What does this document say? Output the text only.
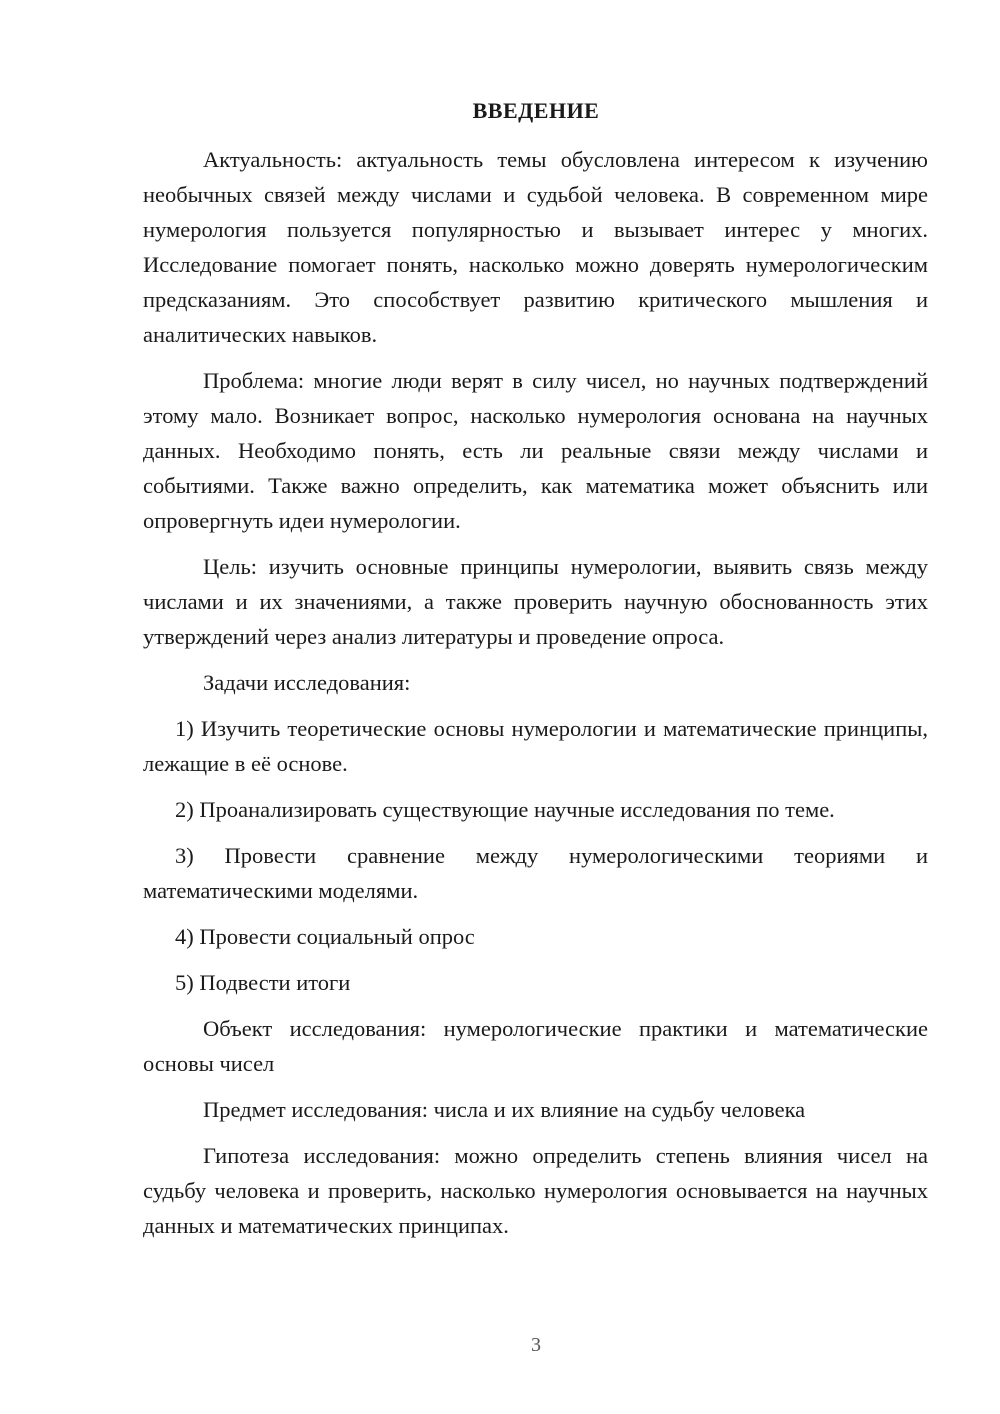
ВВЕДЕНИЕ

Актуальность: актуальность темы обусловлена интересом к изучению необычных связей между числами и судьбой человека. В современном мире нумерология пользуется популярностью и вызывает интерес у многих. Исследование помогает понять, насколько можно доверять нумерологическим предсказаниям. Это способствует развитию критического мышления и аналитических навыков.

Проблема: многие люди верят в силу чисел, но научных подтверждений этому мало. Возникает вопрос, насколько нумерология основана на научных данных. Необходимо понять, есть ли реальные связи между числами и событиями. Также важно определить, как математика может объяснить или опровергнуть идеи нумерологии.

Цель: изучить основные принципы нумерологии, выявить связь между числами и их значениями, а также проверить научную обоснованность этих утверждений через анализ литературы и проведение опроса.

Задачи исследования:

1) Изучить теоретические основы нумерологии и математические принципы, лежащие в её основе.

2) Проанализировать существующие научные исследования по теме.

3) Провести сравнение между нумерологическими теориями и математическими моделями.

4) Провести социальный опрос

5) Подвести итоги

Объект исследования: нумерологические практики и математические основы чисел

Предмет исследования: числа и их влияние на судьбу человека

Гипотеза исследования: можно определить степень влияния чисел на судьбу человека и проверить, насколько нумерология основывается на научных данных и математических принципах.

3
